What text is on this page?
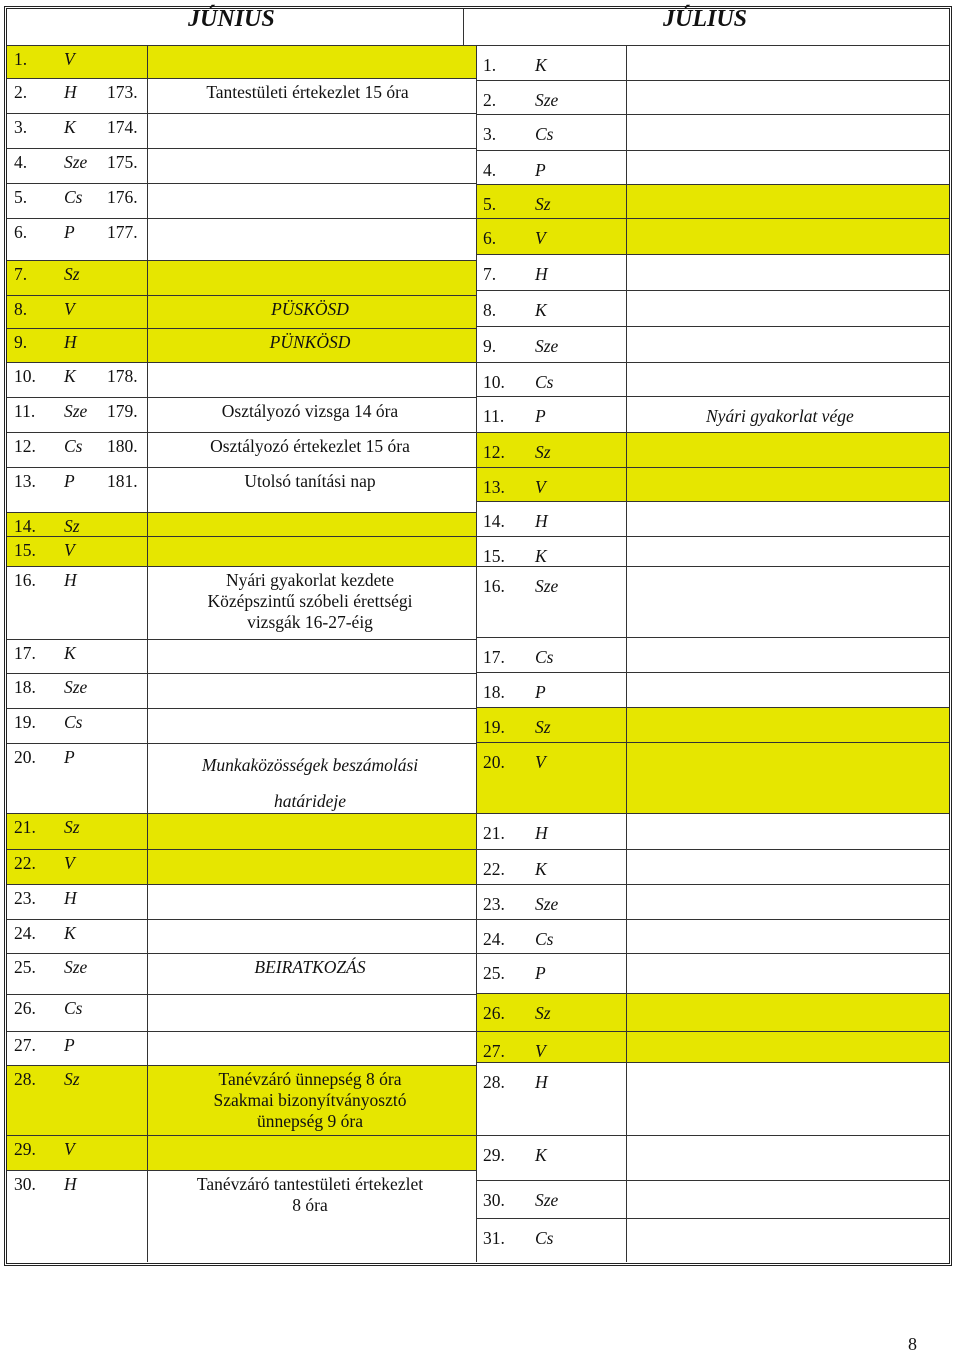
JÚNIUS	JÚLIUS
8
1. V
2. H 173.	Tantestületi értekezlet 15 óra
3. K 174.
4. Sze 175.
5. Cs 176.
6. P 177.
7. Sz
8. V	PÜSKÖSD
9. H	PÜNKÖSD
10. K 178.
11. Sze 179.	Osztályozó vizsga 14 óra
12. Cs 180.	Osztályozó értekezlet 15 óra
13. P 181.	Utolsó tanítási nap
14. Sz
15. V
16. H	Nyári gyakorlat kezdete
Középszintű szóbeli érettségi
vizsgák 16-27-éig
17. K
18. Sze
19. Cs
20. P	Munkaközösségek beszámolási
határideje
21. Sz
22. V
23. H
24. K
25. Sze	BEIRATKOZÁS
26. Cs
27. P
28. Sz	Tanévzáró ünnepség 8 óra
Szakmai bizonyítványosztó
ünnepség 9 óra
29. V
30. H	Tanévzáró tantestületi értekezlet
8 óra
1. K
2. Sze
3. Cs
4. P
5. Sz
6. V
7. H
8. K
9. Sze
10. Cs
11. P	Nyári gyakorlat vége
12. Sz
13. V
14. H
15. K
16. Sze
17. Cs
18. P
19. Sz
20. V
21. H
22. K
23. Sze
24. Cs
25. P
26. Sz
27. V
28. H
29. K
30. Sze
31. Cs
